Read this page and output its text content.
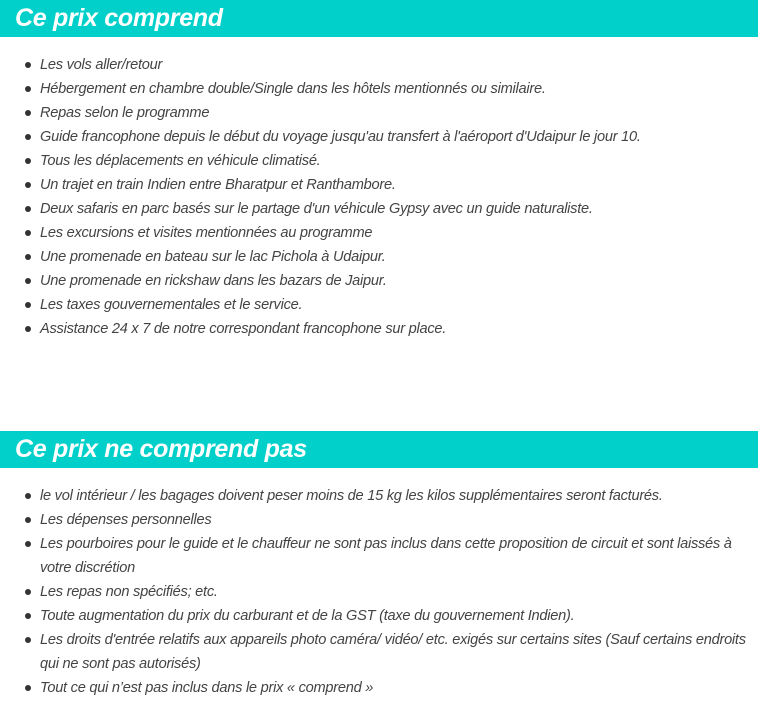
Ce prix comprend
Les vols aller/retour
Hébergement en chambre double/Single dans les hôtels mentionnés ou similaire.
Repas selon le programme
Guide francophone depuis le début du voyage jusqu'au transfert à l'aéroport d'Udaipur le jour 10.
Tous les déplacements en véhicule climatisé.
Un trajet en train Indien entre Bharatpur et Ranthambore.
Deux safaris en parc basés sur le partage d'un véhicule Gypsy avec un guide naturaliste.
Les excursions et visites mentionnées au programme
Une promenade en bateau sur le lac Pichola à Udaipur.
Une promenade en rickshaw dans les bazars de Jaipur.
Les taxes gouvernementales et le service.
Assistance 24 x 7 de notre correspondant francophone sur place.
Ce prix ne comprend pas
le vol intérieur / les bagages doivent peser moins de 15 kg les kilos supplémentaires seront facturés.
Les dépenses personnelles
Les pourboires pour le guide et le chauffeur ne sont pas inclus dans cette proposition de circuit et sont laissés à votre discrétion
Les repas non spécifiés; etc.
Toute augmentation du prix du carburant et de la GST (taxe du gouvernement Indien).
Les droits d'entrée relatifs aux appareils photo caméra/ vidéo/ etc. exigés sur certains sites (Sauf certains endroits qui ne sont pas autorisés)
Tout ce qui n’est pas inclus dans le prix « comprend »
